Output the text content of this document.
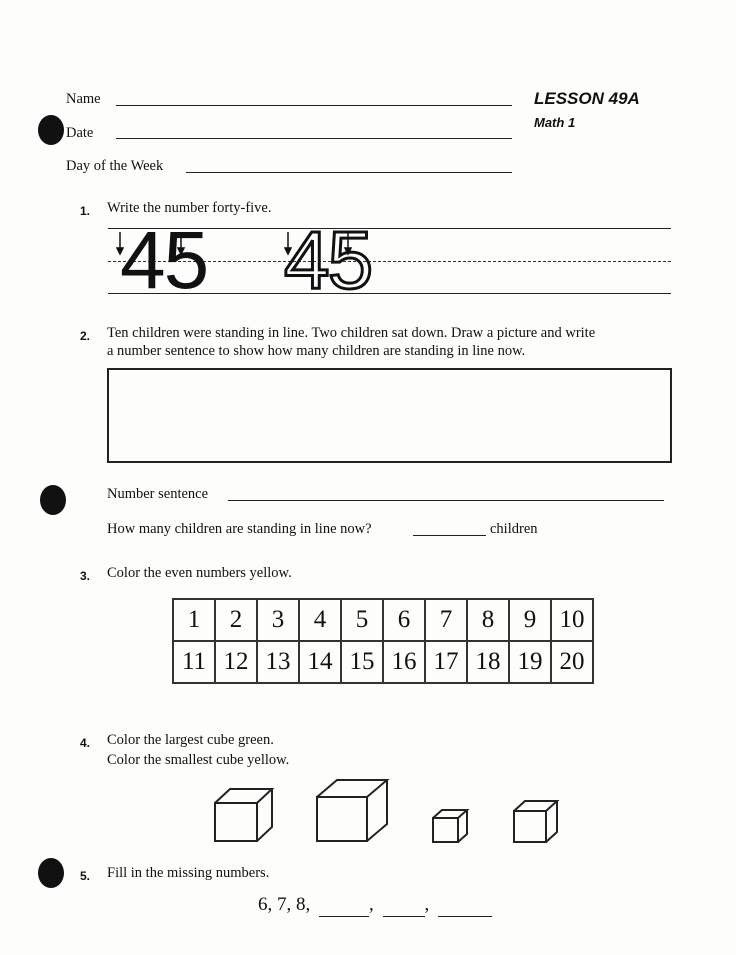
Name
Date
Day of the Week
LESSON 49A
Math 1
1. Write the number forty-five.
45 45
2. Ten children were standing in line. Two children sat down. Draw a picture and write
a number sentence to show how many children are standing in line now.
Number sentence
How many children are standing in line now?	children
3. Color the even numbers yellow.
1	2	3	4	5	6	7	8	9	10
11	12	13	14	15	16	17	18	19	20
4. Color the largest cube green.
Color the smallest cube yellow.
5. Fill in the missing numbers.
6, 7, 8,	,  ,
